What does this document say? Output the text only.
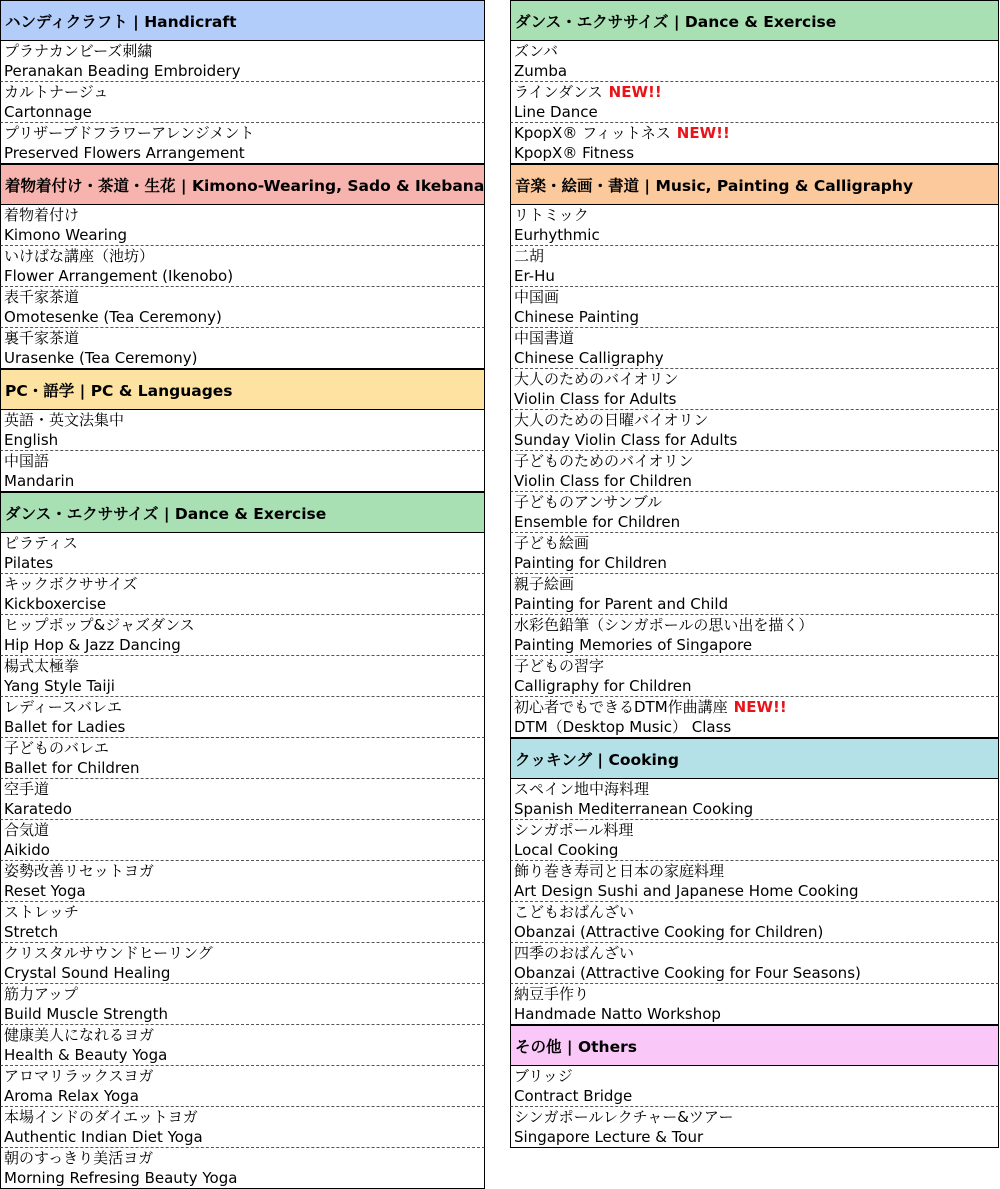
ハンディクラフト | Handicraft
プラナカンビーズ刺繍
Peranakan Beading Embroidery
カルトナージュ
Cartonnage
プリザーブドフラワーアレンジメント
Preserved Flowers Arrangement
着物着付け・茶道・生花 | Kimono-Wearing, Sado & Ikebana
着物着付け
Kimono Wearing
いけばな講座（池坊）
Flower Arrangement (Ikenobo)
表千家茶道
Omotesenke (Tea Ceremony)
裏千家茶道
Urasenke (Tea Ceremony)
PC・語学 | PC & Languages
英語・英文法集中
English
中国語
Mandarin
ダンス・エクササイズ | Dance & Exercise
ピラティス
Pilates
キックボクササイズ
Kickboxercise
ヒップポップ&ジャズダンス
Hip Hop & Jazz Dancing
楊式太極拳
Yang Style Taiji
レディースバレエ
Ballet for Ladies
子どものバレエ
Ballet for Children
空手道
Karatedo
合気道
Aikido
姿勢改善リセットヨガ
Reset Yoga
ストレッチ
Stretch
クリスタルサウンドヒーリング
Crystal Sound Healing
筋力アップ
Build Muscle Strength
健康美人になれるヨガ
Health & Beauty Yoga
アロマリラックスヨガ
Aroma Relax Yoga
本場インドのダイエットヨガ
Authentic Indian Diet Yoga
朝のすっきり美活ヨガ
Morning Refresing Beauty Yoga
ダンス・エクササイズ | Dance & Exercise
ズンバ
Zumba
ラインダンス NEW!!
Line Dance
KpopX® フィットネス NEW!!
KpopX® Fitness
音楽・絵画・書道 | Music, Painting & Calligraphy
リトミック
Eurhythmic
二胡
Er-Hu
中国画
Chinese Painting
中国書道
Chinese Calligraphy
大人のためのバイオリン
Violin Class for Adults
大人のための日曜バイオリン
Sunday Violin Class for Adults
子どものためのバイオリン
Violin Class for Children
子どものアンサンブル
Ensemble for Children
子ども絵画
Painting for Children
親子絵画
Painting for Parent and Child
水彩色鉛筆（シンガポールの思い出を描く）
Painting Memories of Singapore
子どもの習字
Calligraphy for Children
初心者でもできるDTM作曲講座 NEW!!
DTM（Desktop Music） Class
クッキング | Cooking
スペイン地中海料理
Spanish Mediterranean Cooking
シンガポール料理
Local Cooking
飾り巻き寿司と日本の家庭料理
Art Design Sushi and Japanese Home Cooking
こどもおばんざい
Obanzai (Attractive Cooking for Children)
四季のおばんざい
Obanzai (Attractive Cooking for Four Seasons)
納豆手作り
Handmade Natto Workshop
その他 | Others
ブリッジ
Contract Bridge
シンガポールレクチャー&ツアー
Singapore Lecture & Tour
